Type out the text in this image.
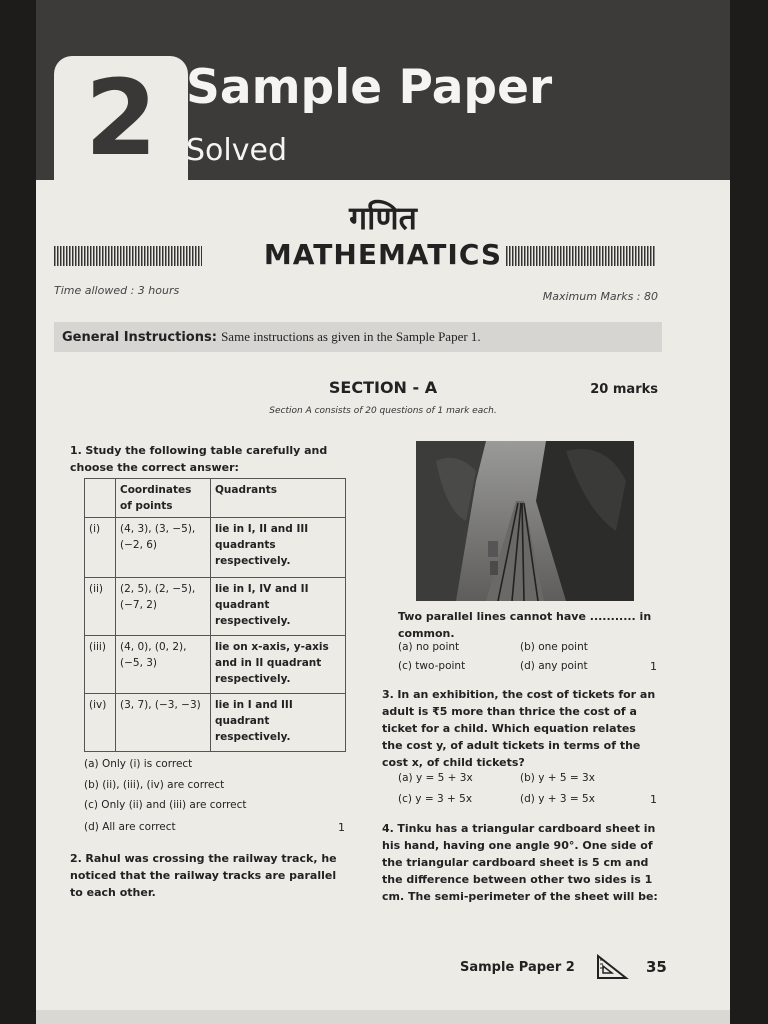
2 Sample Paper
Solved
गणित
MATHEMATICS
Time allowed : 3 hours	Maximum Marks : 80
General Instructions: Same instructions as given in the Sample Paper 1.
SECTION - A	20 marks
Section A consists of 20 questions of 1 mark each.
1. Study the following table carefully and choose the correct answer:
	Coordinates of points	Quadrants
(i)	(4, 3), (3, −5), (−2, 6)	lie in I, II and III quadrants respectively.
(ii)	(2, 5), (2, −5), (−7, 2)	lie in I, IV and II quadrant respectively.
(iii)	(4, 0), (0, 2), (−5, 3)	lie on x-axis, y-axis and in II quadrant respectively.
(iv)	(3, 7), (−3, −3)	lie in I and III quadrant respectively.
(a) Only (i) is correct
(b) (ii), (iii), (iv) are correct
(c) Only (ii) and (iii) are correct
(d) All are correct	1
2. Rahul was crossing the railway track, he noticed that the railway tracks are parallel to each other.
Two parallel lines cannot have ........... in common.
(a) no point	(b) one point
(c) two-point	(d) any point	1
3. In an exhibition, the cost of tickets for an adult is ₹5 more than thrice the cost of a ticket for a child. Which equation relates the cost y, of adult tickets in terms of the cost x, of child tickets?
(a) y = 5 + 3x	(b) y + 5 = 3x
(c) y = 3 + 5x	(d) y + 3 = 5x	1
4. Tinku has a triangular cardboard sheet in his hand, having one angle 90°. One side of the triangular cardboard sheet is 5 cm and the difference between other two sides is 1 cm. The semi-perimeter of the sheet will be:
Sample Paper 2	35
